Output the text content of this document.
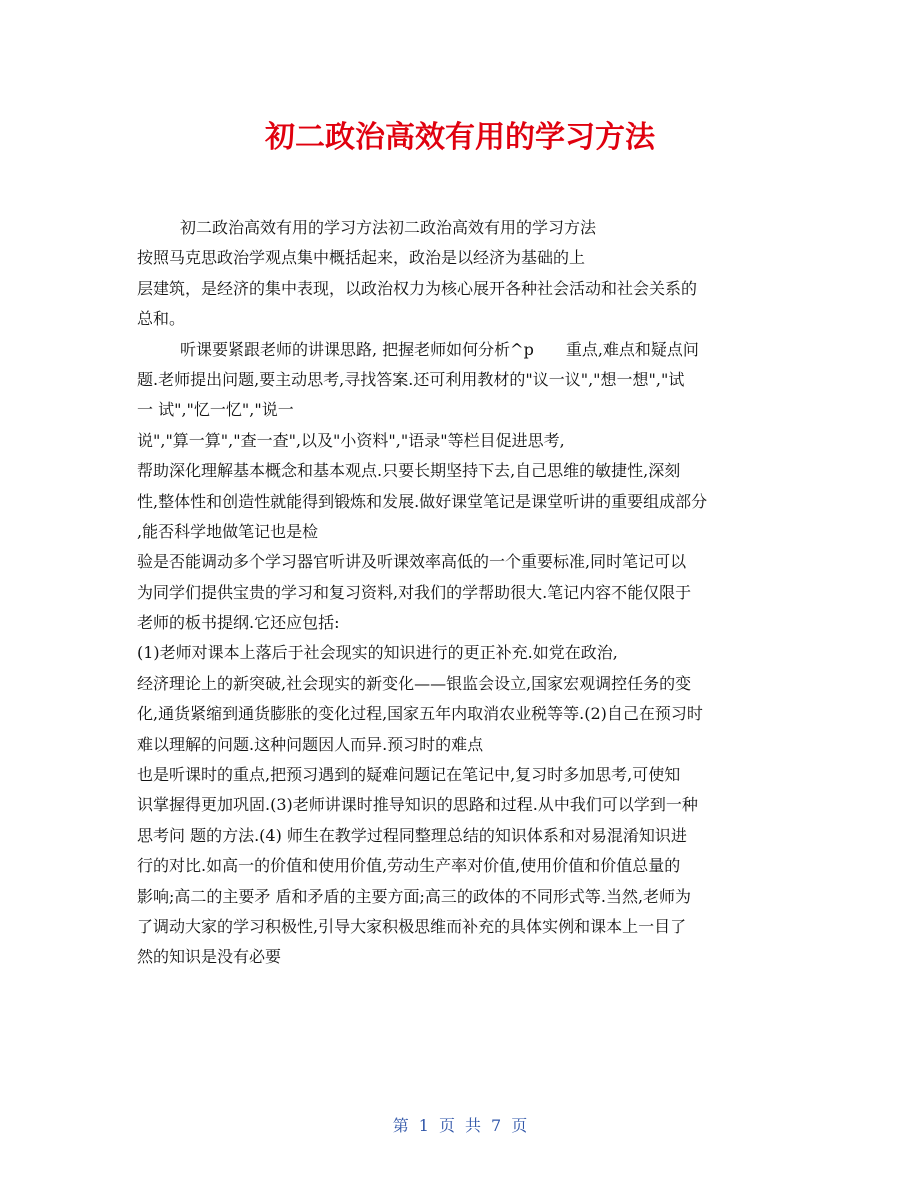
初二政治高效有用的学习方法
初二政治高效有用的学习方法初二政治高效有用的学习方法
按照马克思政治学观点集中概括起来，政治是以经济为基础的上
层建筑，是经济的集中表现，以政治权力为核心展开各种社会活动和社会关系的
总和。
听课要紧跟老师的讲课思路, 把握老师如何分析^p　　重点,难点和疑点问
题.老师提出问题,要主动思考,寻找答案.还可利用教材的"议一议","想一想","试
一 试","忆一忆","说一
说","算一算","查一查",以及"小资料","语录"等栏目促进思考,
帮助深化理解基本概念和基本观点.只要长期坚持下去,自己思维的敏捷性,深刻
性,整体性和创造性就能得到锻炼和发展.做好课堂笔记是课堂听讲的重要组成部分
,能否科学地做笔记也是检
验是否能调动多个学习器官听讲及听课效率高低的一个重要标准,同时笔记可以
为同学们提供宝贵的学习和复习资料,对我们的学帮助很大.笔记内容不能仅限于
老师的板书提纲.它还应包括:
(1)老师对课本上落后于社会现实的知识进行的更正补充.如党在政治,
经济理论上的新突破,社会现实的新变化——银监会设立,国家宏观调控任务的变
化,通货紧缩到通货膨胀的变化过程,国家五年内取消农业税等等.(2)自己在预习时
难以理解的问题.这种问题因人而异.预习时的难点
也是听课时的重点,把预习遇到的疑难问题记在笔记中,复习时多加思考,可使知
识掌握得更加巩固.(3)老师讲课时推导知识的思路和过程.从中我们可以学到一种
思考问 题的方法.(4) 师生在教学过程同整理总结的知识体系和对易混淆知识进
行的对比.如高一的价值和使用价值,劳动生产率对价值,使用价值和价值总量的
影响;高二的主要矛 盾和矛盾的主要方面;高三的政体的不同形式等.当然,老师为
了调动大家的学习积极性,引导大家积极思维而补充的具体实例和课本上一目了
然的知识是没有必要
第 1 页 共 7 页
